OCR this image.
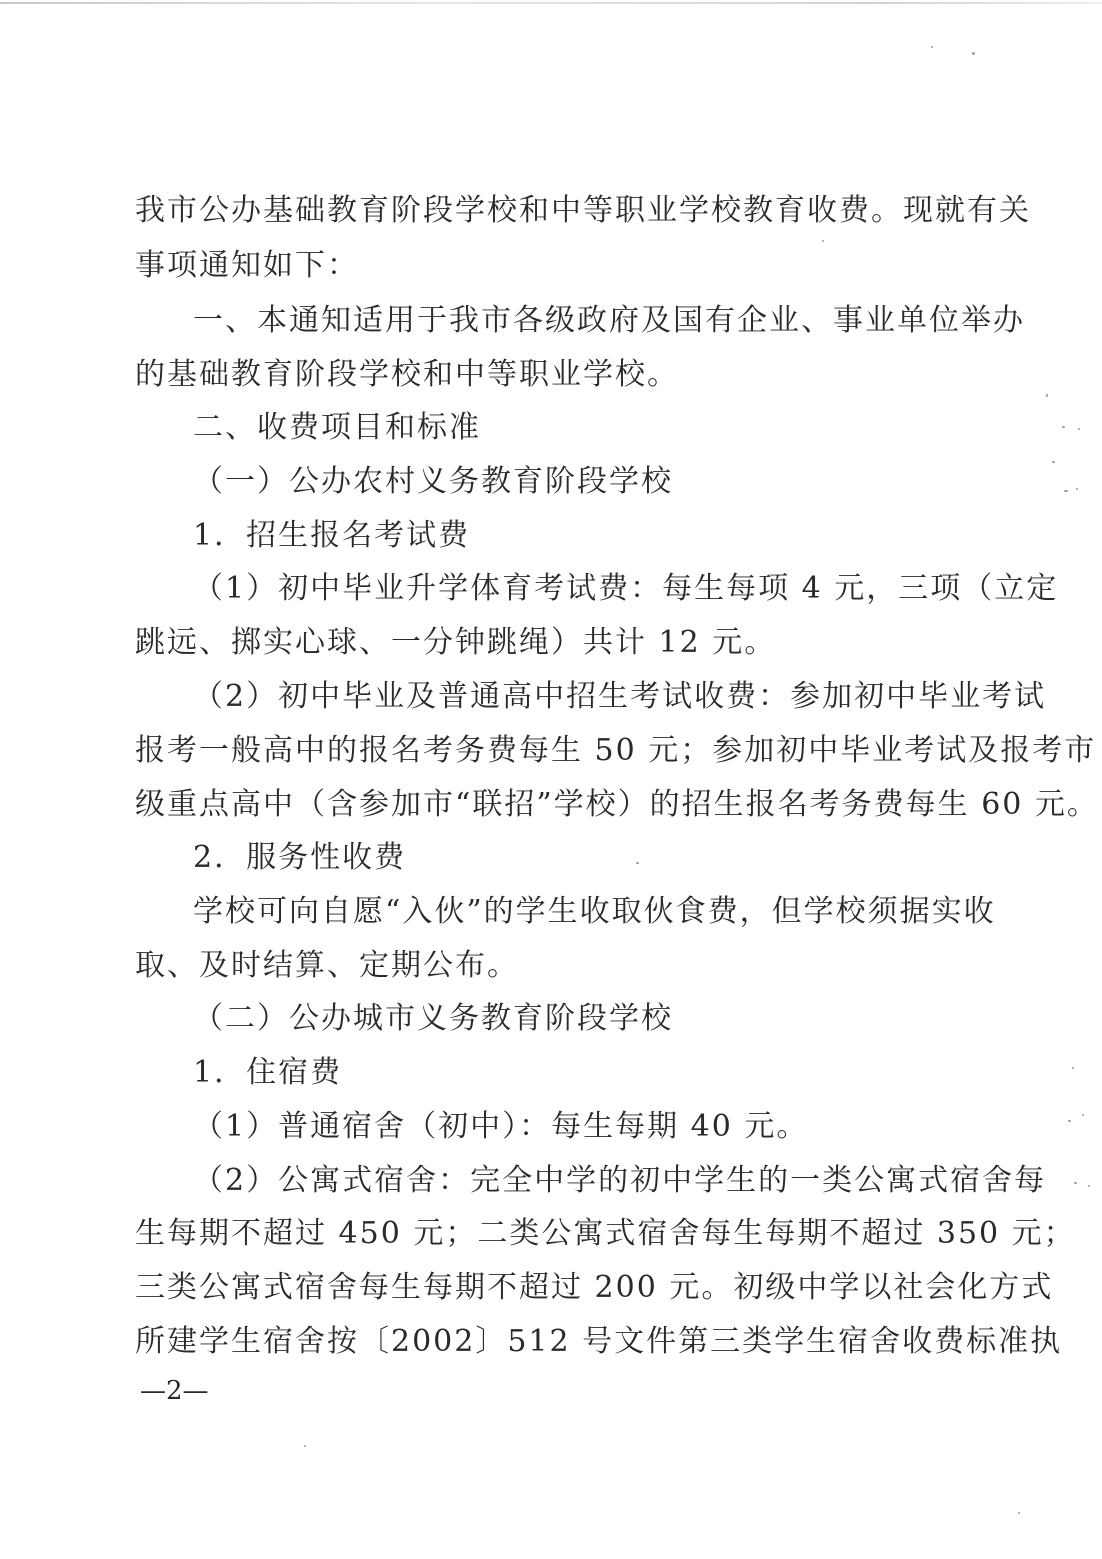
我市公办基础教育阶段学校和中等职业学校教育收费。现就有关

事项通知如下：

一、本通知适用于我市各级政府及国有企业、事业单位举办

的基础教育阶段学校和中等职业学校。

二、收费项目和标准

（一）公办农村义务教育阶段学校

1．招生报名考试费

（1）初中毕业升学体育考试费：每生每项 4 元，三项（立定

跳远、掷实心球、一分钟跳绳）共计 12 元。

（2）初中毕业及普通高中招生考试收费：参加初中毕业考试

报考一般高中的报名考务费每生 50 元；参加初中毕业考试及报考市

级重点高中（含参加市“联招”学校）的招生报名考务费每生 60 元。

2．服务性收费

学校可向自愿“入伙”的学生收取伙食费，但学校须据实收

取、及时结算、定期公布。

（二）公办城市义务教育阶段学校

1．住宿费

（1）普通宿舍（初中）：每生每期 40 元。

（2）公寓式宿舍：完全中学的初中学生的一类公寓式宿舍每

生每期不超过 450 元；二类公寓式宿舍每生每期不超过 350 元；

三类公寓式宿舍每生每期不超过 200 元。初级中学以社会化方式

所建学生宿舍按〔2002〕512 号文件第三类学生宿舍收费标准执

—2—
